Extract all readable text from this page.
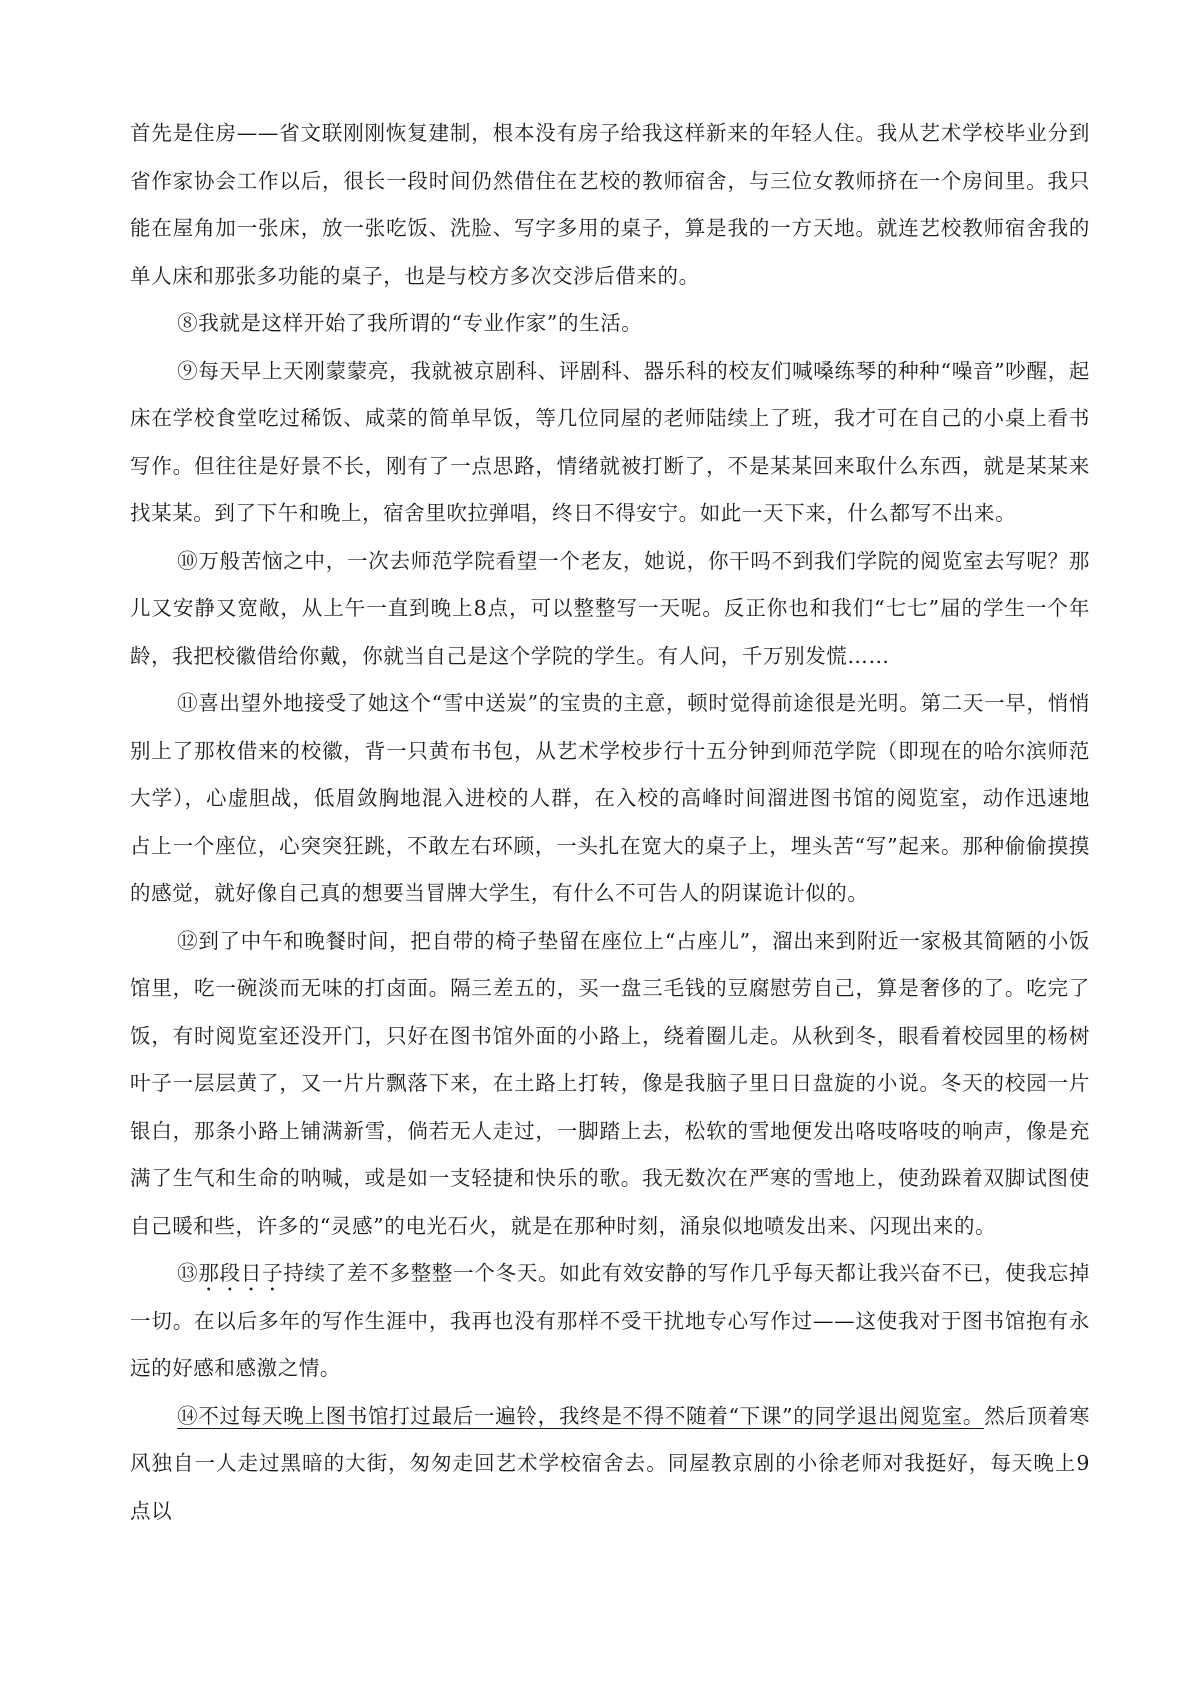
首先是住房——省文联刚刚恢复建制，根本没有房子给我这样新来的年轻人住。我从艺术学校毕业分到省作家协会工作以后，很长一段时间仍然借住在艺校的教师宿舍，与三位女教师挤在一个房间里。我只能在屋角加一张床，放一张吃饭、洗脸、写字多用的桌子，算是我的一方天地。就连艺校教师宿舍我的单人床和那张多功能的桌子，也是与校方多次交涉后借来的。

⑧我就是这样开始了我所谓的“专业作家”的生活。

⑨每天早上天刚蒙蒙亮，我就被京剧科、评剧科、器乐科的校友们喊嗓练琴的种种“噪音”吵醒，起床在学校食堂吃过稀饭、咸菜的简单早饭，等几位同屋的老师陆续上了班，我才可在自己的小桌上看书写作。但往往是好景不长，刚有了一点思路，情绪就被打断了，不是某某回来取什么东西，就是某某来找某某。到了下午和晚上，宿舍里吹拉弹唱，终日不得安宁。如此一天下来，什么都写不出来。

⑩万般苦恼之中，一次去师范学院看望一个老友，她说，你干吗不到我们学院的阅览室去写呢？那儿又安静又宽敞，从上午一直到晚上8点，可以整整写一天呢。反正你也和我们“七七”届的学生一个年龄，我把校徽借给你戴，你就当自己是这个学院的学生。有人问，千万别发慌……

⑪喜出望外地接受了她这个“雪中送炭”的宝贵的主意，顿时觉得前途很是光明。第二天一早，悄悄别上了那枚借来的校徽，背一只黄布书包，从艺术学校步行十五分钟到师范学院（即现在的哈尔滨师范大学），心虚胆战，低眉敛胸地混入进校的人群，在入校的高峰时间溜进图书馆的阅览室，动作迅速地占上一个座位，心突突狂跳，不敢左右环顾，一头扎在宽大的桌子上，埋头苦“写”起来。那种偷偷摸摸的感觉，就好像自己真的想要当冒牌大学生，有什么不可告人的阴谋诡计似的。

⑫到了中午和晚餐时间，把自带的椅子垫留在座位上“占座儿”，溜出来到附近一家极其简陋的小饭馆里，吃一碗淡而无味的打卤面。隔三差五的，买一盘三毛钱的豆腐慰劳自己，算是奢侈的了。吃完了饭，有时阅览室还没开门，只好在图书馆外面的小路上，绕着圈儿走。从秋到冬，眼看着校园里的杨树叶子一层层黄了，又一片片飘落下来，在土路上打转，像是我脑子里日日盘旋的小说。冬天的校园一片银白，那条小路上铺满新雪，倘若无人走过，一脚踏上去，松软的雪地便发出咯吱咯吱的响声，像是充满了生气和生命的呐喊，或是如一支轻捷和快乐的歌。我无数次在严寒的雪地上，使劲跺着双脚试图使自己暖和些，许多的“灵感”的电光石火，就是在那种时刻，涌泉似地喷发出来、闪现出来的。

⑬那段日子持续了差不多整整一个冬天。如此有效安静的写作几乎每天都让我兴奋不已，使我忘掉一切。在以后多年的写作生涯中，我再也没有那样不受干扰地专心写作过——这使我对于图书馆抱有永远的好感和感激之情。

⑭不过每天晚上图书馆打过最后一遍铃，我终是不得不随着“下课”的同学退出阅览室。然后顶着寒风独自一人走过黑暗的大街，匆匆走回艺术学校宿舍去。同屋教京剧的小徐老师对我挺好，每天晚上9点以
